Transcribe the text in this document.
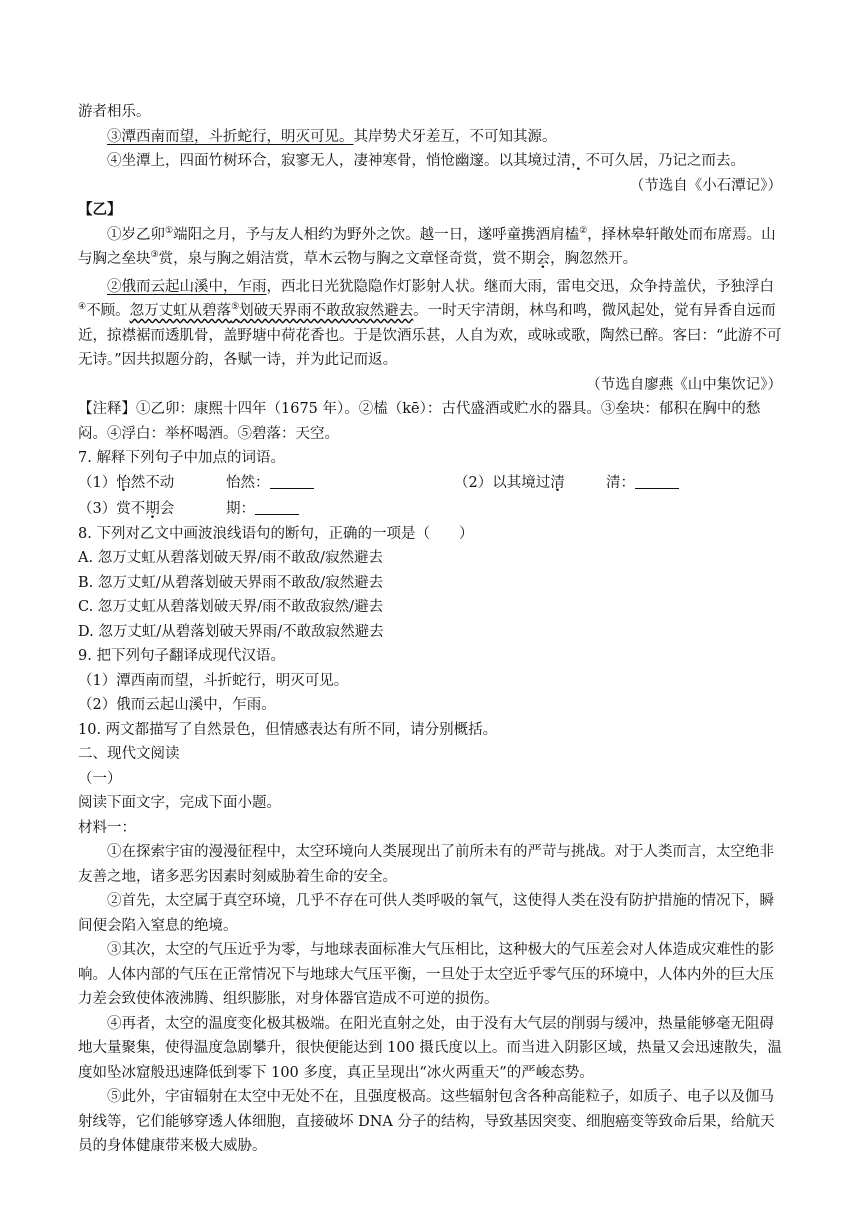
游者相乐。

③潭西南而望，斗折蛇行，明灭可见。其岸势犬牙差互，不可知其源。

④坐潭上，四面竹树环合，寂寥无人，凄神寒骨，悄怆幽邃。以其境过清，不可久居，乃记之而去。

（节选自《小石潭记》）

【乙】

①岁乙卯①端阳之月，予与友人相约为野外之饮。越一日，遂呼童携酒肩榼②，择林皋轩敞处而布席焉。山与胸之垒块③赏，泉与胸之娟洁赏，草木云物与胸之文章怪奇赏，赏不期会，胸忽然开。

②俄而云起山溪中，乍雨，西北日光犹隐隐作灯影射人状。继而大雨，雷电交迅，众争持盖伏，予独浮白④不顾。忽万丈虹从碧落⑤划破天界雨不敢敌寂然避去。一时天宇清朗，林鸟和鸣，微风起处，觉有异香自远而近，掠襟裾而透肌骨，盖野塘中荷花香也。于是饮酒乐甚，人自为欢，或咏或歌，陶然已醉。客曰：“此游不可无诗。”因共拟题分韵，各赋一诗，并为此记而返。

（节选自廖燕《山中集饮记》）

【注释】①乙卯：康熙十四年（1675 年）。②榼（kē）：古代盛酒或贮水的器具。③垒块：郁积在胸中的愁闷。④浮白：举杯喝酒。⑤碧落：天空。

7. 解释下列句子中加点的词语。

（1）怡然不动	怡然：	（2）以其境过清	清：
（3）赏不期会	期：

8. 下列对乙文中画波浪线语句的断句，正确的一项是（　　）

A. 忽万丈虹从碧落划破天界/雨不敢敌/寂然避去

B. 忽万丈虹/从碧落划破天界雨不敢敌/寂然避去

C. 忽万丈虹从碧落划破天界/雨不敢敌寂然/避去

D. 忽万丈虹/从碧落划破天界雨/不敢敌寂然避去

9. 把下列句子翻译成现代汉语。

（1）潭西南而望，斗折蛇行，明灭可见。

（2）俄而云起山溪中，乍雨。

10. 两文都描写了自然景色，但情感表达有所不同，请分别概括。

二、现代文阅读

（一）

阅读下面文字，完成下面小题。

材料一：

①在探索宇宙的漫漫征程中，太空环境向人类展现出了前所未有的严苛与挑战。对于人类而言，太空绝非友善之地，诸多恶劣因素时刻威胁着生命的安全。

②首先，太空属于真空环境，几乎不存在可供人类呼吸的氧气，这使得人类在没有防护措施的情况下，瞬间便会陷入窒息的绝境。

③其次，太空的气压近乎为零，与地球表面标准大气压相比，这种极大的气压差会对人体造成灾难性的影响。人体内部的气压在正常情况下与地球大气压平衡，一旦处于太空近乎零气压的环境中，人体内外的巨大压力差会致使体液沸腾、组织膨胀，对身体器官造成不可逆的损伤。

④再者，太空的温度变化极其极端。在阳光直射之处，由于没有大气层的削弱与缓冲，热量能够毫无阻碍地大量聚集，使得温度急剧攀升，很快便能达到 100 摄氏度以上。而当进入阴影区域，热量又会迅速散失，温度如坠冰窟般迅速降低到零下 100 多度，真正呈现出“冰火两重天”的严峻态势。

⑤此外，宇宙辐射在太空中无处不在，且强度极高。这些辐射包含各种高能粒子，如质子、电子以及伽马射线等，它们能够穿透人体细胞，直接破坏 DNA 分子的结构，导致基因突变、细胞癌变等致命后果，给航天员的身体健康带来极大威胁。
